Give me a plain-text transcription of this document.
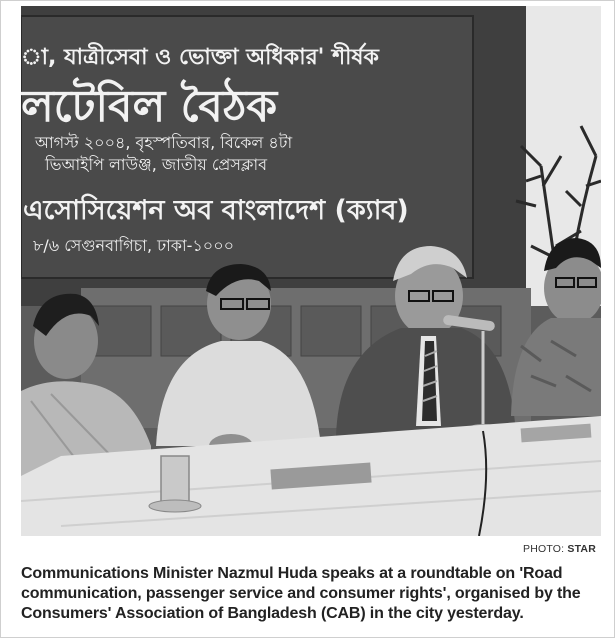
া, যাত্রীসেবা ও ভোক্তা অধিকার' শীর্ষক
লটেবিল বৈঠক
আগস্ট ২০০৪, বৃহস্পতিবার, বিকেল ৪টা
ভিআইপি লাউঞ্জ, জাতীয় প্রেসক্লাব
এসোসিয়েশন অব বাংলাদেশ (ক্যাব)
৮/৬ সেগুনবাগিচা, ঢাকা-১০০০
PHOTO: STAR
Communications Minister Nazmul Huda speaks at a roundtable on 'Road communication, passenger service and consumer rights', organised by the Consumers' Association of Bangladesh (CAB) in the city yesterday.
